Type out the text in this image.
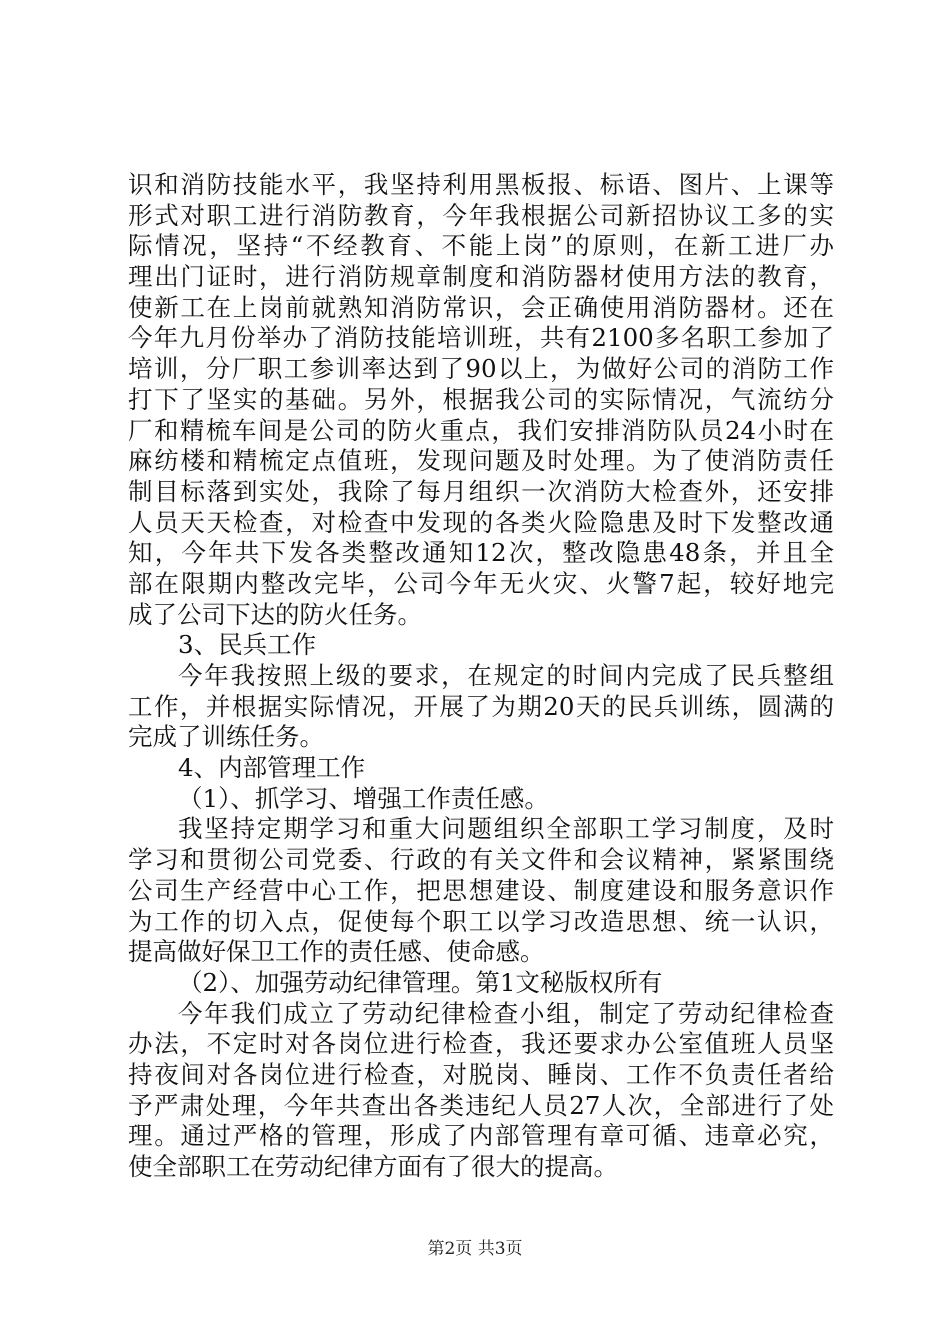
识和消防技能水平，我坚持利用黑板报、标语、图片、上课等
形式对职工进行消防教育，今年我根据公司新招协议工多的实
际情况，坚持“不经教育、不能上岗”的原则，在新工进厂办
理出门证时，进行消防规章制度和消防器材使用方法的教育，
使新工在上岗前就熟知消防常识，会正确使用消防器材。还在
今年九月份举办了消防技能培训班，共有2100多名职工参加了
培训，分厂职工参训率达到了90以上，为做好公司的消防工作
打下了坚实的基础。另外，根据我公司的实际情况，气流纺分
厂和精梳车间是公司的防火重点，我们安排消防队员24小时在
麻纺楼和精梳定点值班，发现问题及时处理。为了使消防责任
制目标落到实处，我除了每月组织一次消防大检查外，还安排
人员天天检查，对检查中发现的各类火险隐患及时下发整改通
知，今年共下发各类整改通知12次，整改隐患48条，并且全
部在限期内整改完毕，公司今年无火灾、火警7起，较好地完
成了公司下达的防火任务。
3、民兵工作
今年我按照上级的要求，在规定的时间内完成了民兵整组
工作，并根据实际情况，开展了为期20天的民兵训练，圆满的
完成了训练任务。
4、内部管理工作
（1）、抓学习、增强工作责任感。
我坚持定期学习和重大问题组织全部职工学习制度，及时
学习和贯彻公司党委、行政的有关文件和会议精神，紧紧围绕
公司生产经营中心工作，把思想建设、制度建设和服务意识作
为工作的切入点，促使每个职工以学习改造思想、统一认识，
提高做好保卫工作的责任感、使命感。
（2）、加强劳动纪律管理。第1文秘版权所有
今年我们成立了劳动纪律检查小组，制定了劳动纪律检查
办法，不定时对各岗位进行检查，我还要求办公室值班人员坚
持夜间对各岗位进行检查，对脱岗、睡岗、工作不负责任者给
予严肃处理，今年共查出各类违纪人员27人次，全部进行了处
理。通过严格的管理，形成了内部管理有章可循、违章必究，
使全部职工在劳动纪律方面有了很大的提高。
第2页 共3页
